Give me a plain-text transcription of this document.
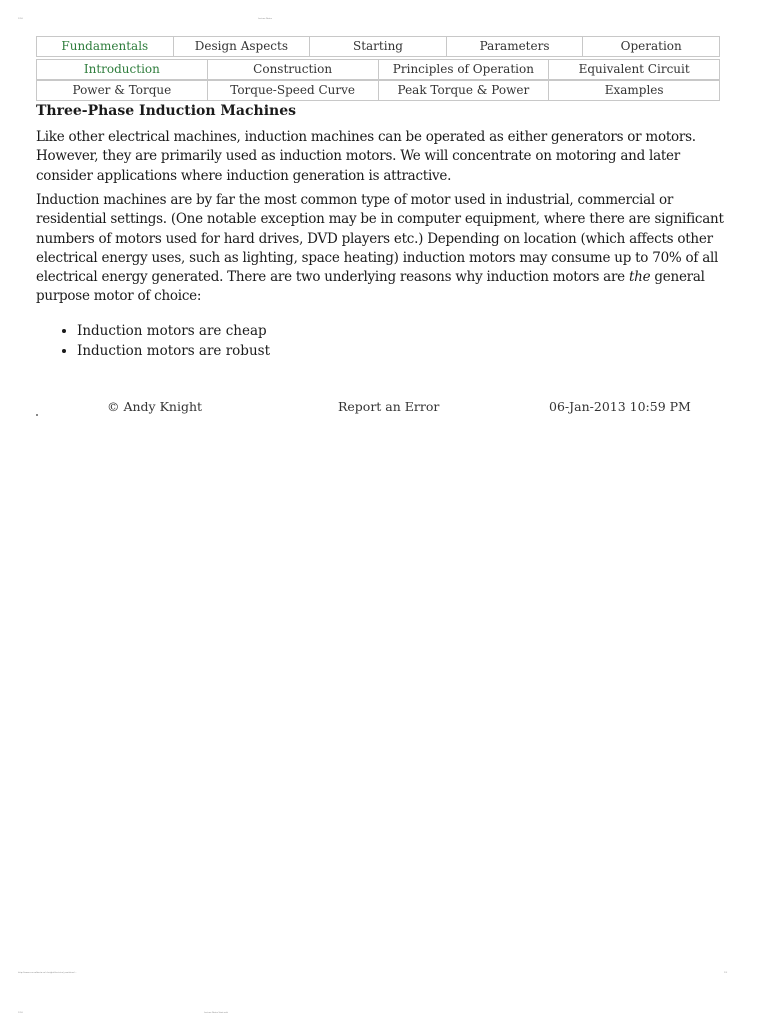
1/14	Lecture Notes
Fundamentals	Design Aspects	Starting	Parameters	Operation
Introduction	Construction	Principles of Operation	Equivalent Circuit
Power & Torque	Torque-Speed Curve	Peak Torque & Power	Examples
Three-Phase Induction Machines

Like other electrical machines, induction machines can be operated as either generators or motors. However, they are primarily used as induction motors. We will concentrate on motoring and later consider applications where induction generation is attractive.

Induction machines are by far the most common type of motor used in industrial, commercial or residential settings. (One notable exception may be in computer equipment, where there are significant numbers of motors used for hard drives, DVD players etc.) Depending on location (which affects other electrical energy uses, such as lighting, space heating) induction motors may consume up to 70% of all electrical energy generated. There are two underlying reasons why induction motors are the general purpose motor of choice:

• Induction motors are cheap
• Induction motors are robust
© Andy Knight	Report an Error	06-Jan-2013 10:59 PM
http://www.ece.ualberta.ca/~knight/electrical_machines/...	1/2
1/14	Lecture Notes Start.mht
